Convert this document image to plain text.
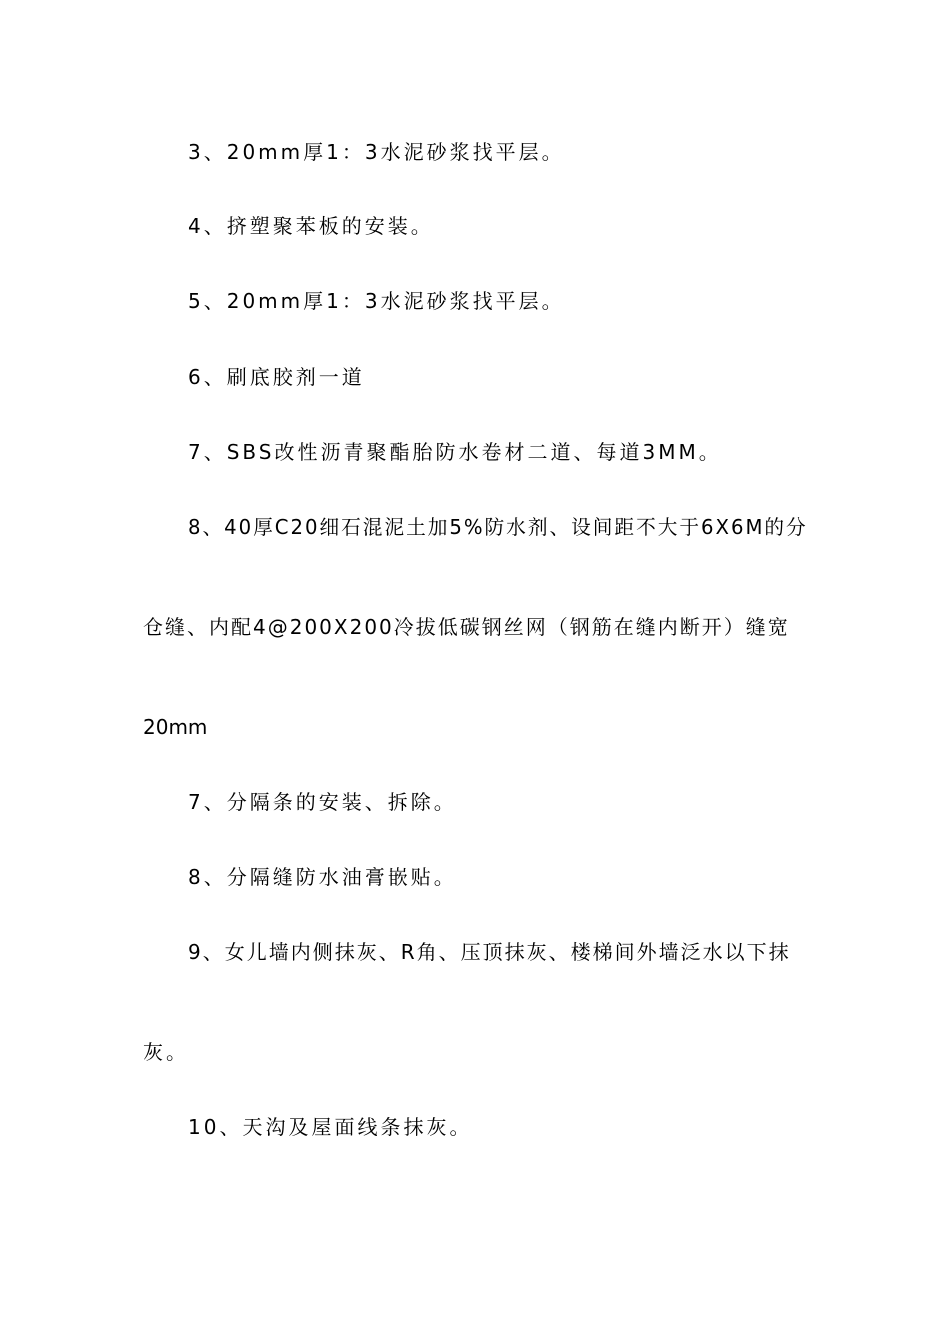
3、20mm厚1：3水泥砂浆找平层。
4、挤塑聚苯板的安装。
5、20mm厚1：3水泥砂浆找平层。
6、刷底胶剂一道
7、SBS改性沥青聚酯胎防水卷材二道、每道3MM。
8、40厚C20细石混泥土加5%防水剂、设间距不大于6X6M的分
仓缝、内配4@200X200冷拔低碳钢丝网（钢筋在缝内断开）缝宽
20mm
7、分隔条的安装、拆除。
8、分隔缝防水油膏嵌贴。
9、女儿墙内侧抹灰、R角、压顶抹灰、楼梯间外墙泛水以下抹
灰。
10、天沟及屋面线条抹灰。
